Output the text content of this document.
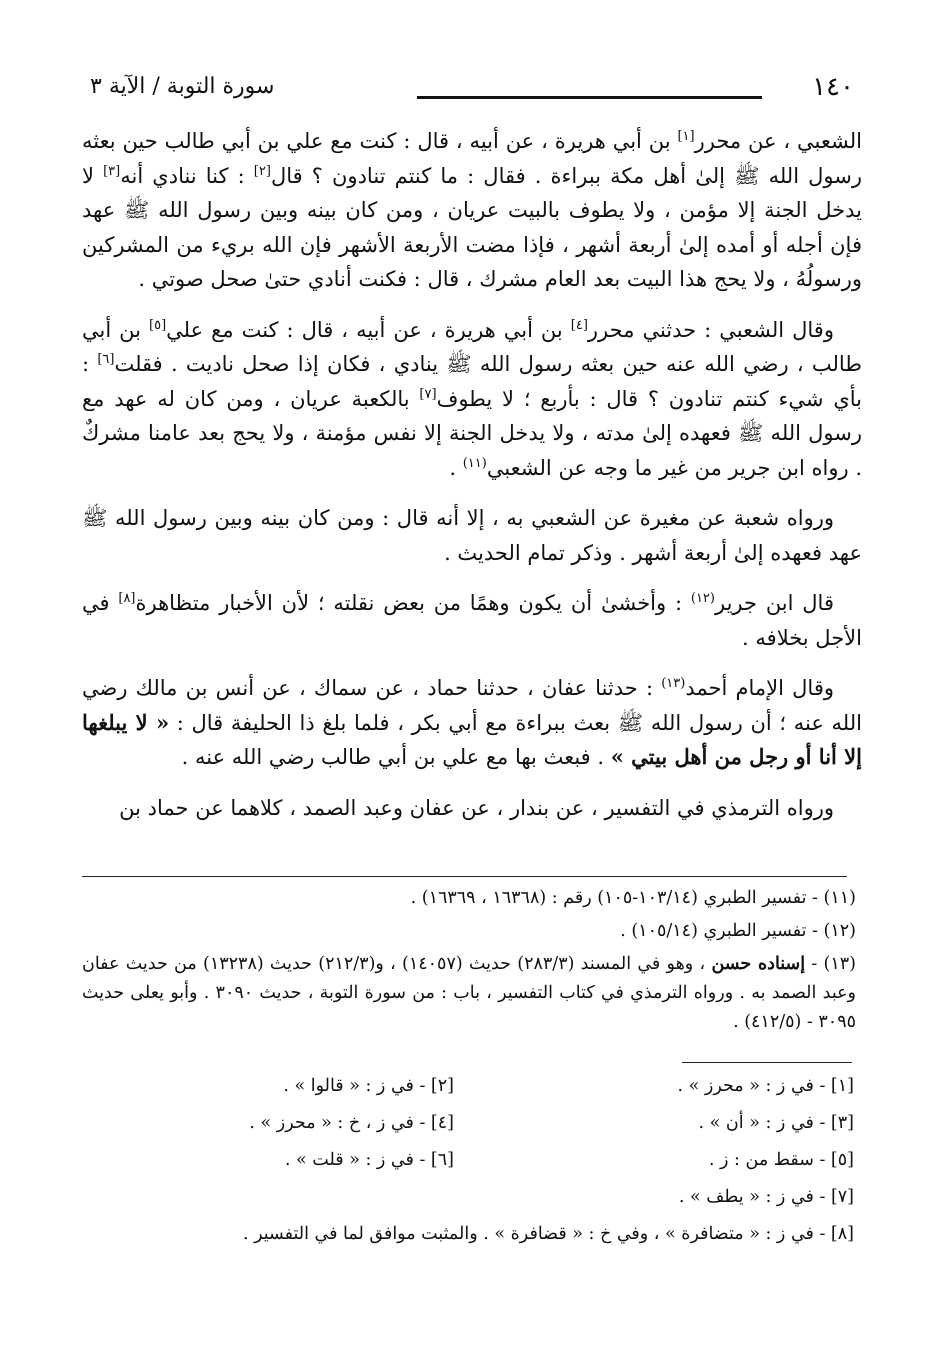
١٤٠
سورة التوبة / الآية ٣

الشعبي ، عن محرر[١] بن أبي هريرة ، عن أبيه ، قال : كنت مع علي بن أبي طالب حين بعثه رسول الله ﷺ إلىٰ أهل مكة ببراءة . فقال : ما كنتم تنادون ؟ قال[٢] : كنا ننادي أنه[٣] لا يدخل الجنة إلا مؤمن ، ولا يطوف بالبيت عريان ، ومن كان بينه وبين رسول الله ﷺ عهد فإن أجله أو أمده إلىٰ أربعة أشهر ، فإذا مضت الأربعة الأشهر فإن الله بريء من المشركين ورسولُهُ ، ولا يحج هذا البيت بعد العام مشرك ، قال : فكنت أنادي حتىٰ صحل صوتي .

وقال الشعبي : حدثني محرر[٤] بن أبي هريرة ، عن أبيه ، قال : كنت مع علي[٥] بن أبي طالب ، رضي الله عنه حين بعثه رسول الله ﷺ ينادي ، فكان إذا صحل ناديت . فقلت[٦] : بأي شيء كنتم تنادون ؟ قال : بأربع ؛ لا يطوف[٧] بالكعبة عريان ، ومن كان له عهد مع رسول الله ﷺ فعهده إلىٰ مدته ، ولا يدخل الجنة إلا نفس مؤمنة ، ولا يحج بعد عامنا مشركٌ . رواه ابن جرير من غير ما وجه عن الشعبي$^{(١١)}$ .

ورواه شعبة عن مغيرة عن الشعبي به ، إلا أنه قال : ومن كان بينه وبين رسول الله ﷺ عهد فعهده إلىٰ أربعة أشهر . وذكر تمام الحديث .

قال ابن جرير$^{(١٢)}$ : وأخشىٰ أن يكون وهمًا من بعض نقلته ؛ لأن الأخبار متظاهرة[٨] في الأجل بخلافه .

وقال الإمام أحمد$^{(١٣)}$ : حدثنا عفان ، حدثنا حماد ، عن سماك ، عن أنس بن مالك رضي الله عنه ؛ أن رسول الله ﷺ بعث ببراءة مع أبي بكر ، فلما بلغ ذا الحليفة قال : « لا يبلغها إلا أنا أو رجل من أهل بيتي » . فبعث بها مع علي بن أبي طالب رضي الله عنه .

ورواه الترمذي في التفسير ، عن بندار ، عن عفان وعبد الصمد ، كلاهما عن حماد بن

(١١) - تفسير الطبري (١٠٣/١٤-١٠٥) رقم : (١٦٣٦٨ ، ١٦٣٦٩) .

(١٢) - تفسير الطبري (١٠٥/١٤) .

(١٣) - إسناده حسن ، وهو في المسند (٢٨٣/٣) حديث (١٤٠٥٧) ، و(٢١٢/٣) حديث (١٣٢٣٨) من حديث عفان وعبد الصمد به . ورواه الترمذي في كتاب التفسير ، باب : من سورة التوبة ، حديث ٣٠٩٠ . وأبو يعلى حديث ٣٠٩٥ - (٤١٢/٥) .

[١] - في ز : « محرز » .
[٢] - في ز : « قالوا » .
[٣] - في ز : « أن » .
[٤] - في ز ، خ : « محرز » .
[٥] - سقط من : ز .
[٦] - في ز : « قلت » .
[٧] - في ز : « يطف » .
[٨] - في ز : « متضافرة » ، وفي خ : « قضافرة » . والمثبت موافق لما في التفسير .
